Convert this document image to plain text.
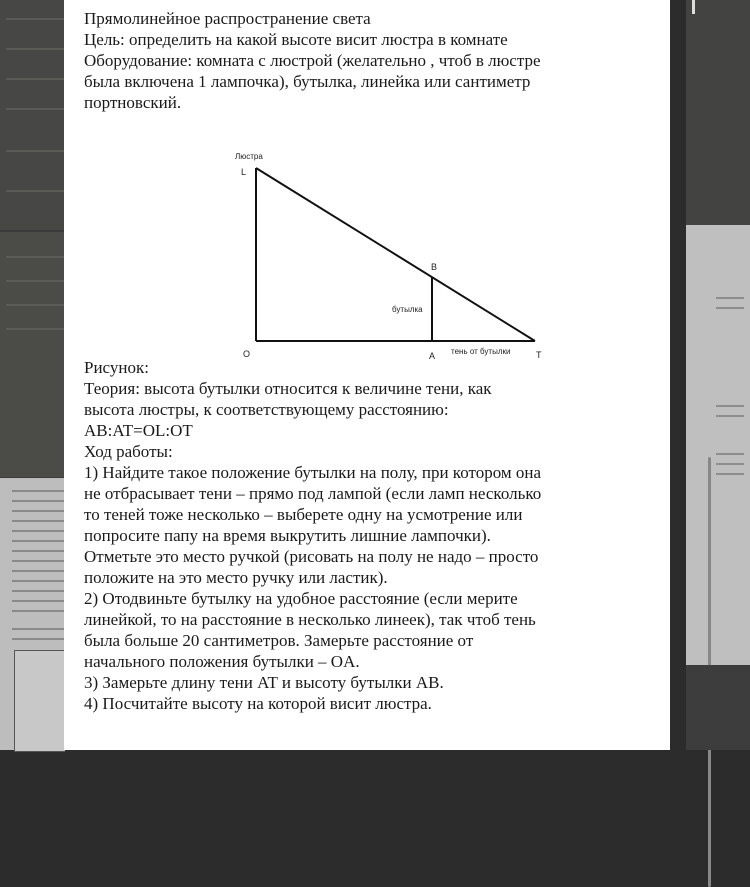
Прямолинейное распространение света

Цель: определить на какой высоте висит люстра в комнате

Оборудование: комната с люстрой (желательно , чтоб в люстре была включена 1 лампочка), бутылка, линейка или сантиметр портновский.

Люстра
L
B
бутылка
O	A тень от бутылки	T

Рисунок:

Теория: высота бутылки относится к величине тени, как высота люстры, к соответствующему расстоянию:

AB:AT=OL:OT

Ход работы:

1) Найдите такое положение бутылки на полу, при котором она не отбрасывает тени – прямо под лампой (если ламп несколько то теней тоже несколько – выберете одну на усмотрение или попросите папу на время выкрутить лишние лампочки). Отметьте это место ручкой (рисовать на полу не надо – просто положите на это место ручку или ластик).

2) Отодвиньте бутылку на удобное расстояние (если мерите линейкой, то на расстояние в несколько линеек), так чтоб тень была больше 20 сантиметров. Замерьте расстояние от начального положения бутылки – OA.

3) Замерьте длину тени AT и высоту бутылки AB.

4) Посчитайте высоту на которой висит люстра.
